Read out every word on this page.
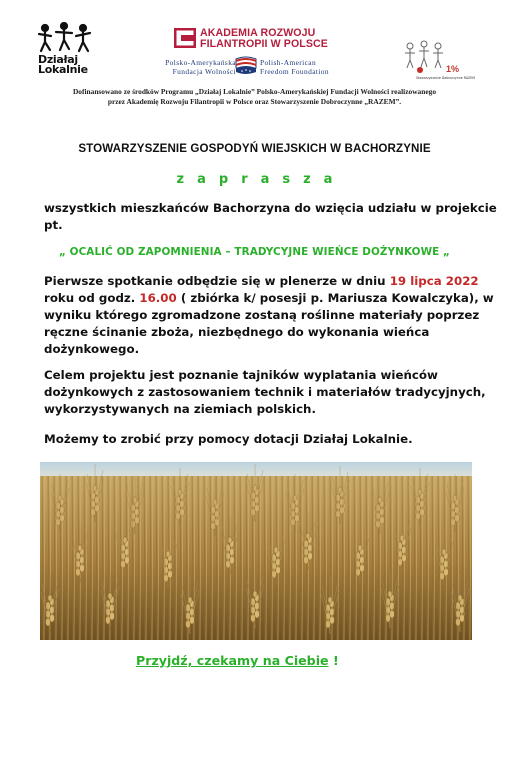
Działaj
Lokalnie
AKADEMIA ROZWOJU
FILANTROPII W POLSCE
Polsko-Amerykańska
Fundacja Wolności
Polish-American
Freedom Foundation	1%
Stowarzyszenie Dobroczynne RAZEM
Dofinansowano ze środków Programu „Działaj Lokalnie” Polsko-Amerykańskiej Fundacji Wolności realizowanego
przez Akademię Rozwoju Filantropii w Polsce oraz Stowarzyszenie Dobroczynne „RAZEM”.
STOWARZYSZENIE GOSPODYŃ WIEJSKICH W BACHORZYNIE
zaprasza
wszystkich mieszkańców Bachorzyna do wzięcia udziału w projekcie pt.
„ OCALIĆ OD ZAPOMNIENIA – TRADYCYJNE WIEŃCE DOŻYNKOWE „
Pierwsze spotkanie odbędzie się w plenerze w dniu 19 lipca 2022 roku od godz. 16.00 ( zbiórka k/ posesji p. Mariusza Kowalczyka), w wyniku którego zgromadzone zostaną roślinne materiały poprzez ręczne ścinanie zboża, niezbędnego do wykonania wieńca dożynkowego.
Celem projektu jest poznanie tajników wyplatania wieńców dożynkowych z zastosowaniem technik i materiałów tradycyjnych, wykorzystywanych na ziemiach polskich.
Możemy to zrobić przy pomocy dotacji Działaj Lokalnie.
Przyjdź, czekamy na Ciebie !
